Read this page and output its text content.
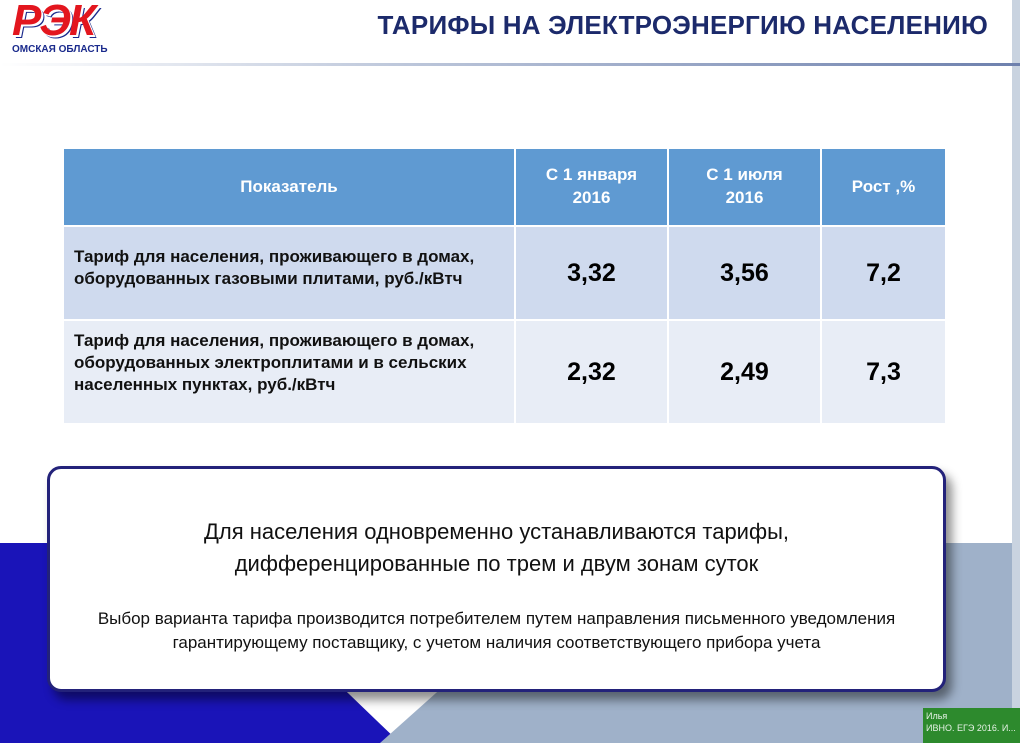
РЭК
ОМСКАЯ ОБЛАСТЬ
ТАРИФЫ НА ЭЛЕКТРОЭНЕРГИЮ НАСЕЛЕНИЮ
Показатель	С 1 января 2016	С 1 июля 2016	Рост ,%
Тариф для населения, проживающего в домах, оборудованных газовыми плитами, руб./кВтч	3,32	3,56	7,2
Тариф для населения, проживающего в домах, оборудованных электроплитами и в сельских населенных пунктах, руб./кВтч	2,32	2,49	7,3
Для населения одновременно устанавливаются тарифы, дифференцированные по трем и двум зонам суток
Выбор варианта тарифа производится потребителем путем направления письменного уведомления гарантирующему поставщику, с учетом наличия соответствующего прибора учета
Илья
ИВНО. ЕГЭ 2016. И...
